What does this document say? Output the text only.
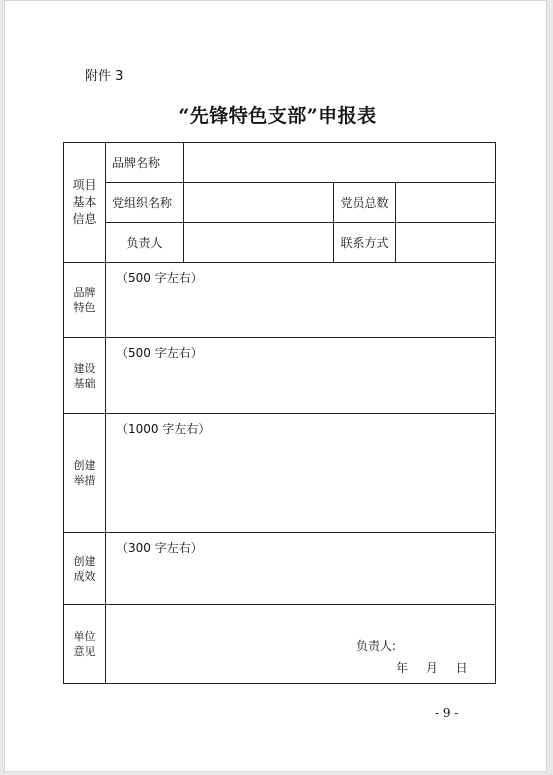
附件 3
“先锋特色支部”申报表
项目
基本
信息	品牌名称			
	党组织名称		党员总数	
	负责人		联系方式	
品牌
特色	（500 字左右）			
建设
基础	（500 字左右）			
创建
举措	（1000 字左右）			
创建
成效	（300 字左右）			
单位
意见	负责人:
年 月 日			
- 9 -
